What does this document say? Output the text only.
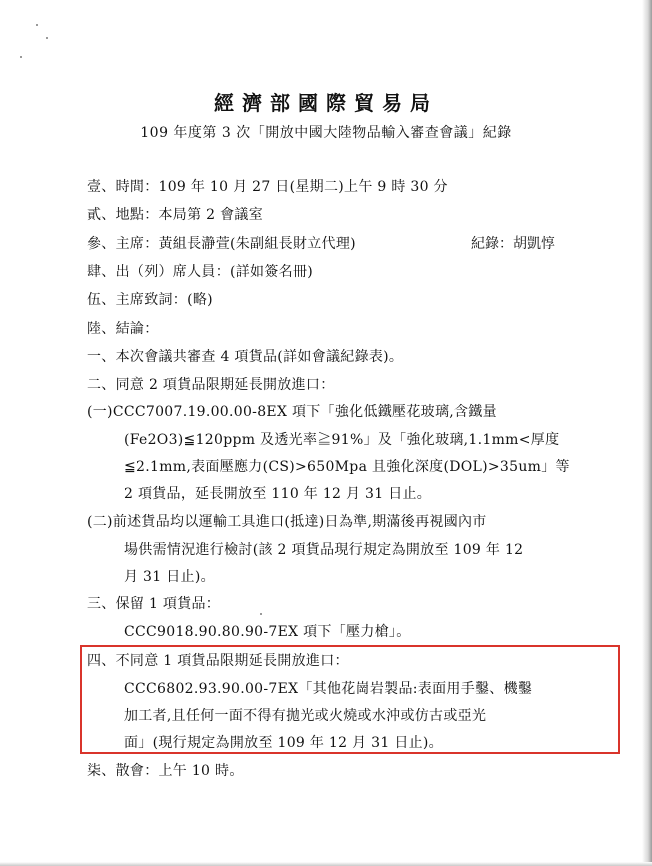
經濟部國際貿易局
109 年度第 3 次「開放中國大陸物品輸入審查會議」紀錄
壹、時間：109 年 10 月 27 日(星期二)上午 9 時 30 分
貳、地點：本局第 2 會議室
參、主席：黃組長瀞萱(朱副組長財立代理)	紀錄：胡凱惇
肆、出（列）席人員：(詳如簽名冊)
伍、主席致詞：(略)
陸、結論：
一、本次會議共審查 4 項貨品(詳如會議紀錄表)。
二、同意 2 項貨品限期延長開放進口：
(一)CCC7007.19.00.00-8EX 項下「強化低鐵壓花玻璃,含鐵量
(Fe2O3)≦120ppm 及透光率≧91%」及「強化玻璃,1.1mm<厚度
≦2.1mm,表面壓應力(CS)>650Mpa 且強化深度(DOL)>35um」等
2 項貨品，延長開放至 110 年 12 月 31 日止。
(二)前述貨品均以運輸工具進口(抵達)日為準,期滿後再視國內市
場供需情況進行檢討(該 2 項貨品現行規定為開放至 109 年 12
月 31 日止)。
三、保留 1 項貨品：
CCC9018.90.80.90-7EX 項下「壓力槍」。
四、不同意 1 項貨品限期延長開放進口：
CCC6802.93.90.00-7EX「其他花崗岩製品:表面用手鑿、機鑿
加工者,且任何一面不得有拋光或火燒或水沖或仿古或亞光
面」(現行規定為開放至 109 年 12 月 31 日止)。
柒、散會：上午 10 時。
